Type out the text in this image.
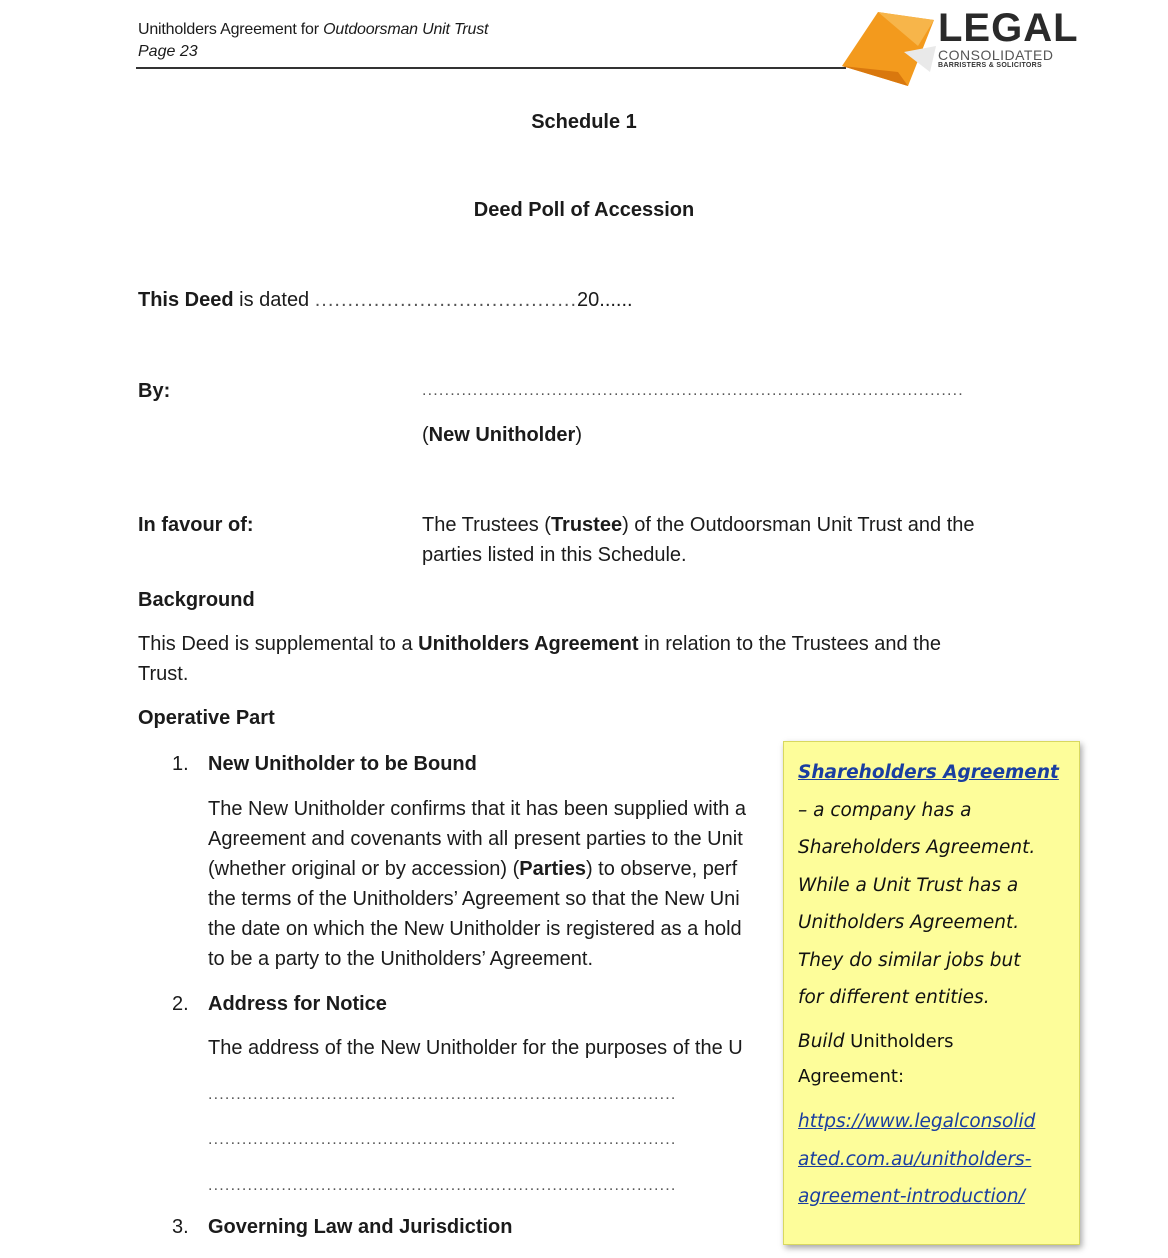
Unitholders Agreement for Outdoorsman Unit Trust
Page 23
LEGAL
CONSOLIDATED
BARRISTERS & SOLICITORS
Schedule 1
Deed Poll of Accession
This Deed is dated ........................................20......
By:	................................................................................................
(New Unitholder)
In favour of:	The Trustees (Trustee) of the Outdoorsman Unit Trust and the
parties listed in this Schedule.
Background
This Deed is supplemental to a Unitholders Agreement in relation to the Trustees and the
Trust.
Operative Part
1. New Unitholder to be Bound
The New Unitholder confirms that it has been supplied with a
Agreement and covenants with all present parties to the Unit
(whether original or by accession) (Parties) to observe, perf
the terms of the Unitholders’ Agreement so that the New Uni
the date on which the New Unitholder is registered as a hold
to be a party to the Unitholders’ Agreement.
2. Address for Notice
The address of the New Unitholder for the purposes of the U
...................................................................................
...................................................................................
...................................................................................
3. Governing Law and Jurisdiction
Shareholders Agreement
– a company has a
Shareholders Agreement.
While a Unit Trust has a
Unitholders Agreement.
They do similar jobs but
for different entities.
Build Unitholders
Agreement:
https://www.legalconsolid
ated.com.au/unitholders-
agreement-introduction/
